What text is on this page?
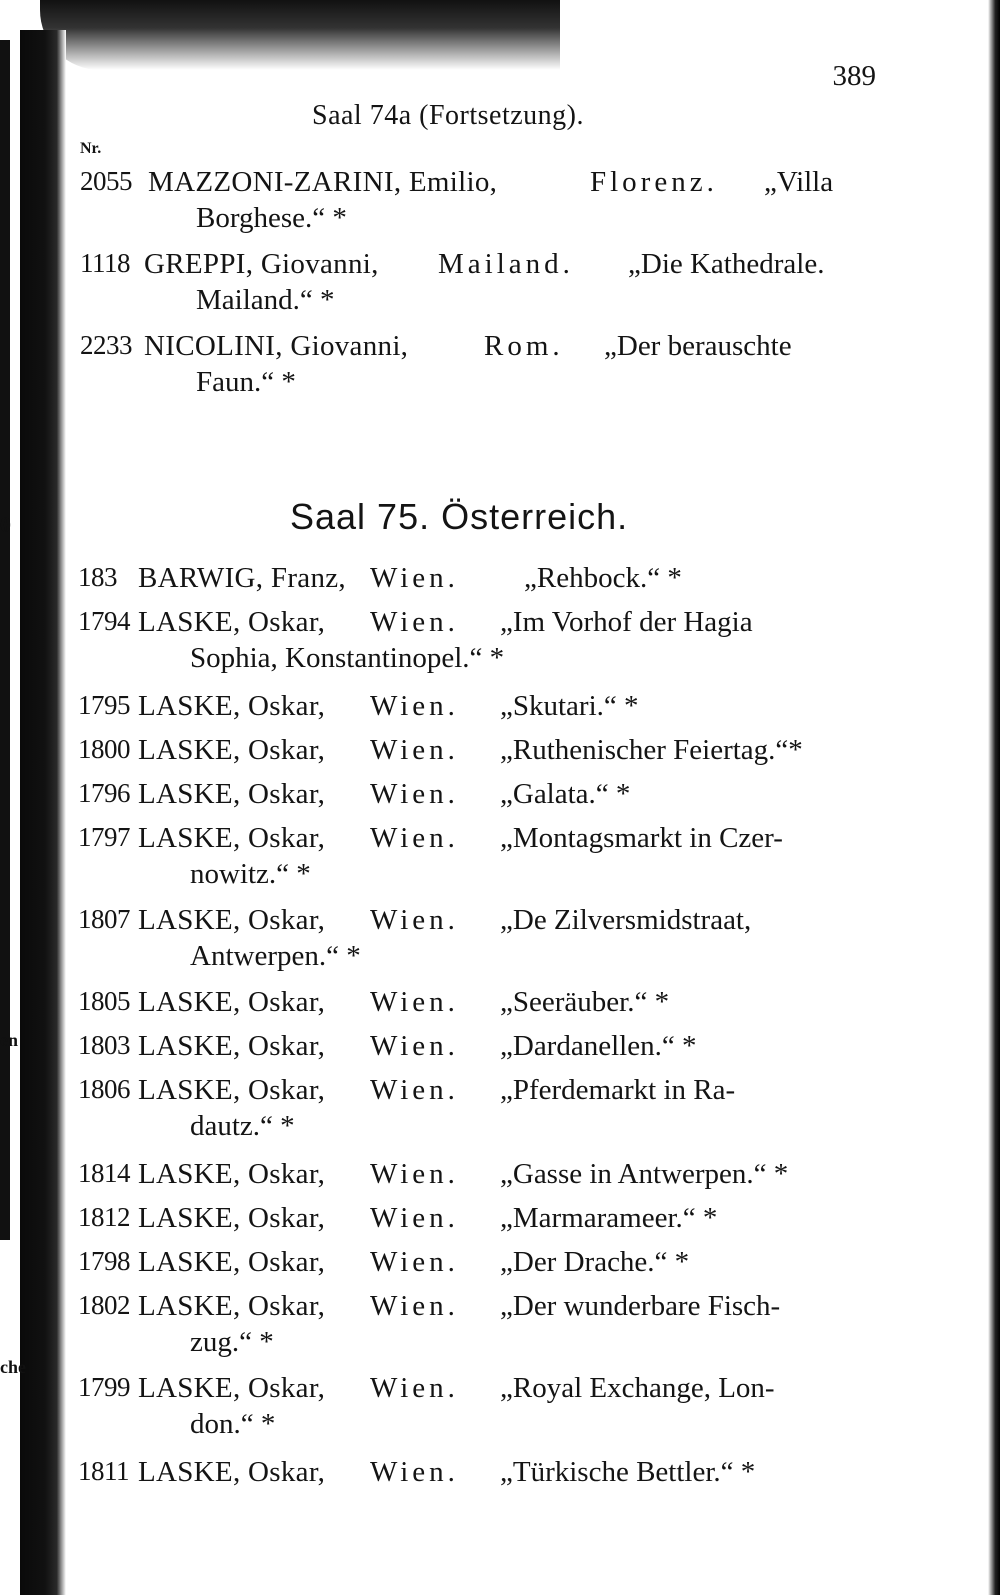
0
en
che
389
Saal 74a (Fortsetzung).
Nr.
2055 MAZZONI-ZARINI, Emilio,	Florenz. „Villa
Borghese.“ *
1118 GREPPI, Giovanni, Mailand. „Die Kathedrale.
Mailand.“ *
2233 NICOLINI, Giovanni,	Rom. „Der berauschte
Faun.“ *
Saal 75. Österreich.
183 BARWIG, Franz, Wien. „Rehbock.“ *
1794 LASKE, Oskar, Wien. „Im Vorhof der Hagia
Sophia, Konstantinopel.“ *
1795 LASKE, Oskar, Wien. „Skutari.“ *
1800 LASKE, Oskar, Wien. „Ruthenischer Feiertag.“*
1796 LASKE, Oskar, Wien. „Galata.“ *
1797 LASKE, Oskar, Wien. „Montagsmarkt in Czer-
nowitz.“ *
1807 LASKE, Oskar, Wien. „De Zilversmidstraat,
Antwerpen.“ *
1805 LASKE, Oskar, Wien. „Seeräuber.“ *
1803 LASKE, Oskar, Wien. „Dardanellen.“ *
1806 LASKE, Oskar, Wien. „Pferdemarkt in Ra-
dautz.“ *
1814 LASKE, Oskar, Wien. „Gasse in Antwerpen.“ *
1812 LASKE, Oskar, Wien. „Marmarameer.“ *
1798 LASKE, Oskar, Wien. „Der Drache.“ *
1802 LASKE, Oskar, Wien. „Der wunderbare Fisch-
zug.“ *
1799 LASKE, Oskar, Wien. „Royal Exchange, Lon-
don.“ *
1811 LASKE, Oskar, Wien. „Türkische Bettler.“ *
